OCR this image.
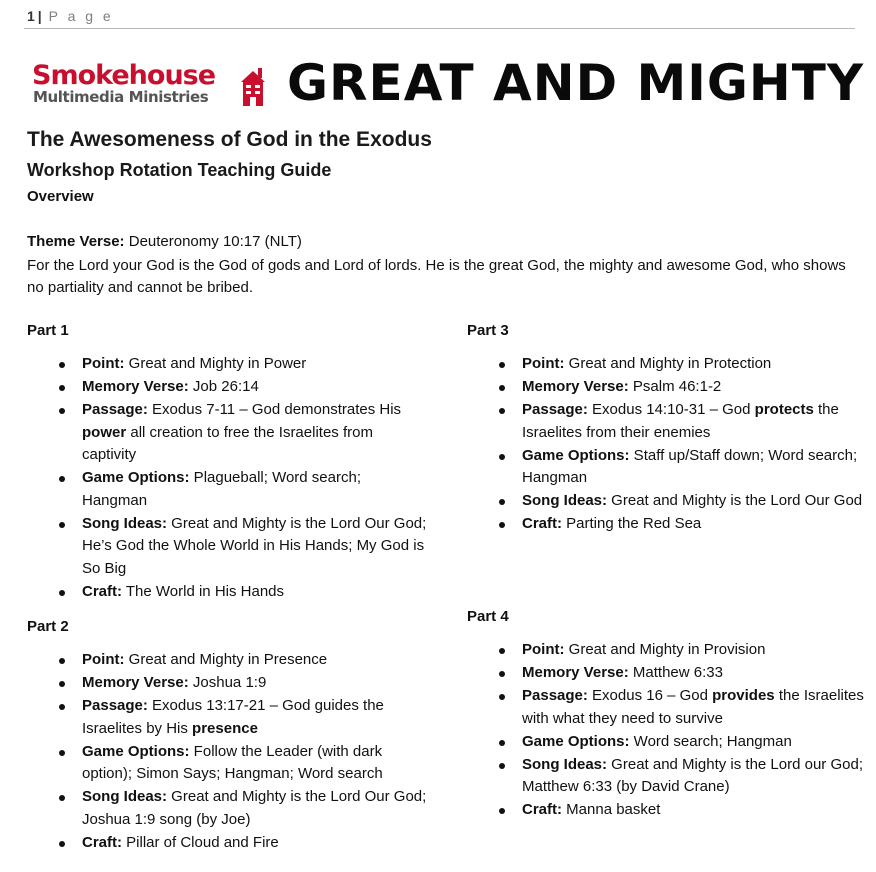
1 | P a g e
Smokehouse
Multimedia Ministries GREAT AND MIGHTY
The Awesomeness of God in the Exodus
Workshop Rotation Teaching Guide
Overview
Theme Verse: Deuteronomy 10:17 (NLT)
For the Lord your God is the God of gods and Lord of lords. He is the great God, the mighty and awesome God, who shows no partiality and cannot be bribed.
Part 1
Point: Great and Mighty in Power
Memory Verse: Job 26:14
Passage: Exodus 7-11 – God demonstrates His power all creation to free the Israelites from captivity
Game Options: Plagueball; Word search; Hangman
Song Ideas: Great and Mighty is the Lord Our God; He’s God the Whole World in His Hands; My God is So Big
Craft: The World in His Hands
Part 2
Point: Great and Mighty in Presence
Memory Verse: Joshua 1:9
Passage: Exodus 13:17-21 – God guides the Israelites by His presence
Game Options: Follow the Leader (with dark option); Simon Says; Hangman; Word search
Song Ideas: Great and Mighty is the Lord Our God; Joshua 1:9 song (by Joe)
Craft: Pillar of Cloud and Fire
Part 3
Point: Great and Mighty in Protection
Memory Verse: Psalm 46:1-2
Passage: Exodus 14:10-31 – God protects the Israelites from their enemies
Game Options: Staff up/Staff down; Word search; Hangman
Song Ideas: Great and Mighty is the Lord Our God
Craft: Parting the Red Sea
Part 4
Point: Great and Mighty in Provision
Memory Verse: Matthew 6:33
Passage: Exodus 16 – God provides the Israelites with what they need to survive
Game Options: Word search; Hangman
Song Ideas: Great and Mighty is the Lord our God; Matthew 6:33 (by David Crane)
Craft: Manna basket
